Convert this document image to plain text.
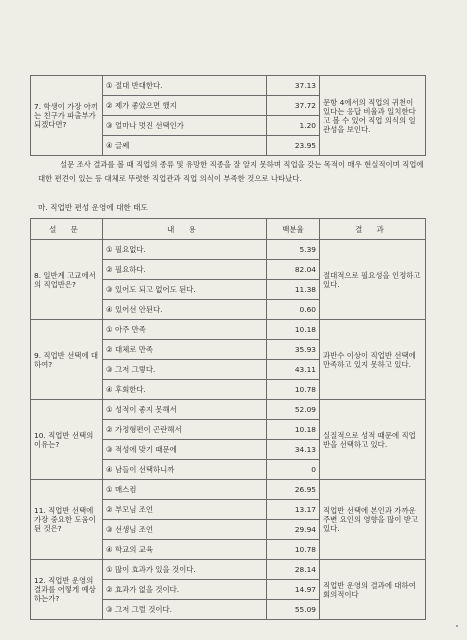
7. 학생이 가장 아끼는 친구가 파출부가 되겠다면?	① 절대 반대한다.	37.13	문항 4에서의 직업의 귀천이 있다는 응답 비율과 일치한다고 볼 수 있어 직업 의식의 일관성을 보인다.
	② 제가 좋았으면 했지	37.72	
	③ 얼마나 멋진 선택인가	1.20	
	④ 글쎄	23.95	

설문 조사 결과를 볼 때 직업의 종류 및 유망한 직종을 잘 알지 못하며 직업을 갖는 목적이 매우 현실적이며 직업에 대한 편견이 있는 등 대체로 뚜렷한 직업관과 직업 의식이 부족한 것으로 나타났다.

마. 직업반 편성 운영에 대한 태도
설 문	내 용	백분율	결 과
8. 일반계 고교에서의 직업반은?	① 필요없다.	5.39	절대적으로 필요성을 인정하고 있다.
	② 필요하다.	82.04	
	③ 있어도 되고 없어도 된다.	11.38	
	④ 있어선 안된다.	0.60	
9. 직업반 선택에 대하여?	① 아주 만족	10.18	과반수 이상이 직업반 선택에 만족하고 있지 못하고 있다.
	② 대체로 만족	35.93	
	③ 그저 그렇다.	43.11	
	④ 후회한다.	10.78	
10. 직업반 선택의 이유는?	① 성적이 좋지 못해서	52.09	실질적으로 성적 때문에 직업반을 선택하고 있다.
	② 가정형편이 곤란해서	10.18	
	③ 적성에 맞기 때문에	34.13	
	④ 남들이 선택하니까	0	
11. 직업반 선택에 가장 중요한 도움이 된 것은?	① 매스컴	26.95	직업반 선택에 본인과 가까운 주변 요인의 영향을 많이 받고 있다.
	② 부모님 조언	13.17	
	③ 선생님 조언	29.94	
	④ 학교의 교육	10.78	
12. 직업반 운영의 결과를 어떻게 예상하는가?	① 많이 효과가 있을 것이다.	28.14	직업반 운영의 결과에 대하여 회의적이다
	② 효과가 없을 것이다.	14.97	
	③ 그저 그럴 것이다.	55.09	
